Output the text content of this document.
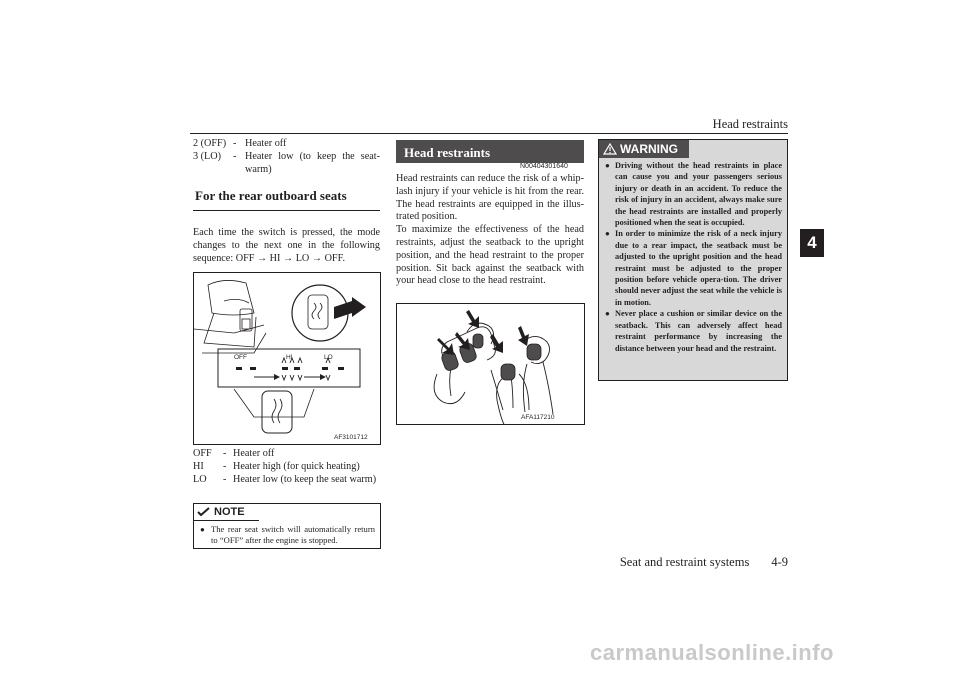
Head restraints
4
2 (OFF) - Heater off
3 (LO)	- Heater low (to keep the seat-warm)
For the rear outboard seats
Each time the switch is pressed, the mode changes to the next one in the following sequence: OFF → HI → LO → OFF.
OFF	HI	LO
AF3101712
OFF	- Heater off
HI	- Heater high (for quick heating)
LO	- Heater low (to keep the seat warm)
NOTE
● The rear seat switch will automatically return to “OFF” after the engine is stopped.
Head restraints
N00404301640
Head restraints can reduce the risk of a whip-lash injury if your vehicle is hit from the rear. The head restraints are equipped in the illus-trated position.
To maximize the effectiveness of the head restraints, adjust the seatback to the upright position, and the head restraint to the proper position. Sit back against the seatback with your head close to the head restraint.
AFA117210
WARNING
● Driving without the head restraints in place can cause you and your passengers serious injury or death in an accident. To reduce the risk of injury in an accident, always make sure the head restraints are installed and properly positioned when the seat is occupied.
● In order to minimize the risk of a neck injury due to a rear impact, the seatback must be adjusted to the upright position and the head restraint must be adjusted to the proper position before vehicle opera-tion. The driver should never adjust the seat while the vehicle is in motion.
● Never place a cushion or similar device on the seatback. This can adversely affect head restraint performance by increasing the distance between your head and the restraint.
Seat and restraint systems 4-9
carmanualsonline.info
